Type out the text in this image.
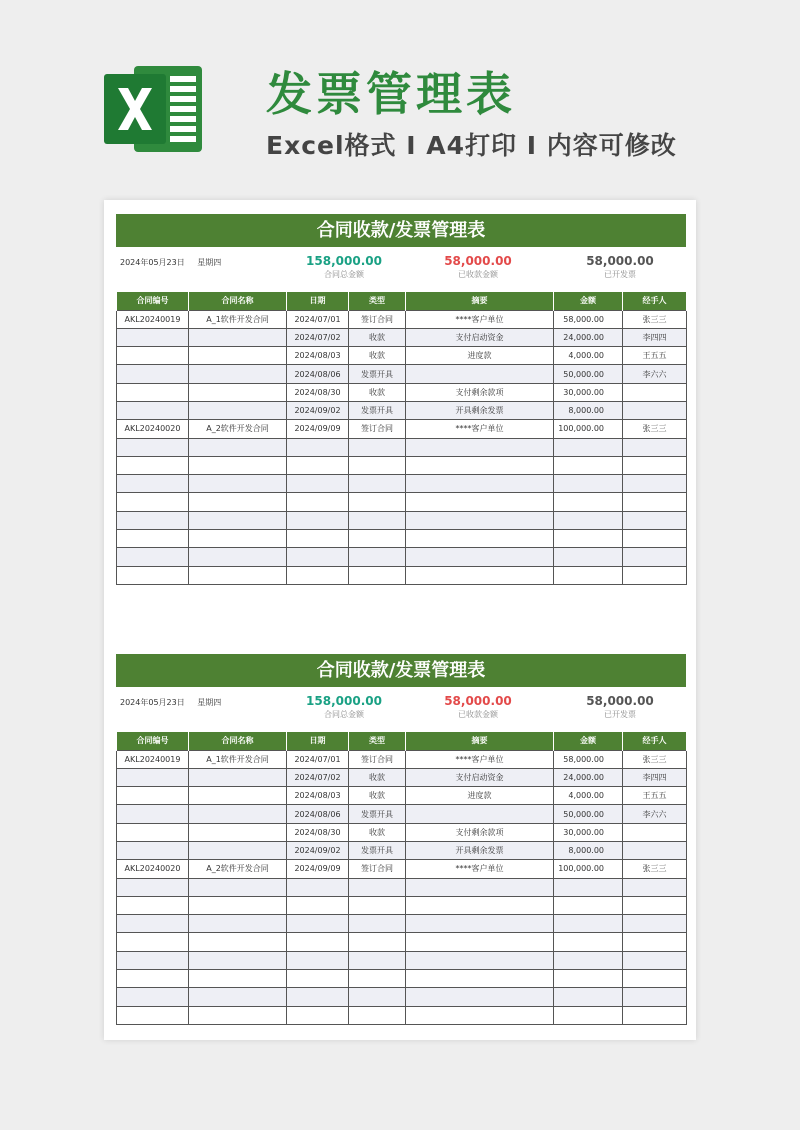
发票管理表
Excel格式 I A4打印 I 内容可修改
合同收款/发票管理表
2024年05月23日 星期四	158,000.00
合同总金额
58,000.00
已收款金额
58,000.00
已开发票
合同编号	合同名称	日期	类型	摘要	金额	经手人
AKL20240019	A_1软件开发合同	2024/07/01	签订合同	****客户单位	58,000.00	张三三
		2024/07/02	收款	支付启动资金	24,000.00	李四四
		2024/08/03	收款	进度款	4,000.00	王五五
		2024/08/06	发票开具		50,000.00	李六六
		2024/08/30	收款	支付剩余款项	30,000.00	
		2024/09/02	发票开具	开具剩余发票	8,000.00	
AKL20240020	A_2软件开发合同	2024/09/09	签订合同	****客户单位	100,000.00	张三三

合同收款/发票管理表
2024年05月23日 星期四	158,000.00
合同总金额
58,000.00
已收款金额
58,000.00
已开发票
合同编号	合同名称	日期	类型	摘要	金额	经手人
AKL20240019	A_1软件开发合同	2024/07/01	签订合同	****客户单位	58,000.00	张三三
		2024/07/02	收款	支付启动资金	24,000.00	李四四
		2024/08/03	收款	进度款	4,000.00	王五五
		2024/08/06	发票开具		50,000.00	李六六
		2024/08/30	收款	支付剩余款项	30,000.00	
		2024/09/02	发票开具	开具剩余发票	8,000.00	
AKL20240020	A_2软件开发合同	2024/09/09	签订合同	****客户单位	100,000.00	张三三
